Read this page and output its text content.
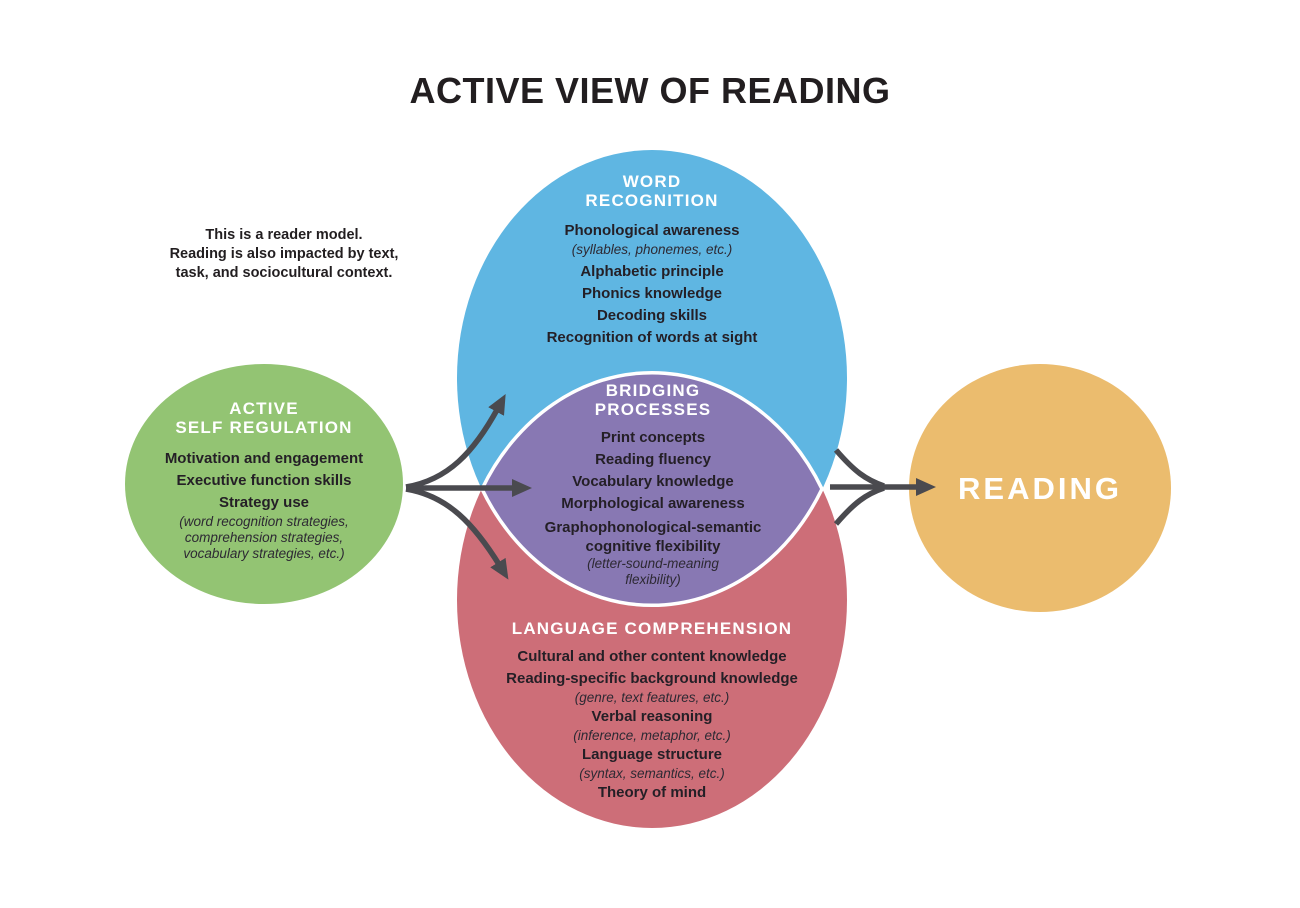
ACTIVE VIEW OF READING
This is a reader model.
Reading is also impacted by text,
task, and sociocultural context.
ACTIVE
SELF REGULATION
Motivation and engagement
Executive function skills
Strategy use
(word recognition strategies,
comprehension strategies,
vocabulary strategies, etc.)
WORD
RECOGNITION
Phonological awareness
(syllables, phonemes, etc.)
Alphabetic principle
Phonics knowledge
Decoding skills
Recognition of words at sight
BRIDGING
PROCESSES
Print concepts
Reading fluency
Vocabulary knowledge
Morphological awareness
Graphophonological-semantic
cognitive flexibility
(letter-sound-meaning
flexibility)
LANGUAGE COMPREHENSION
Cultural and other content knowledge
Reading-specific background knowledge
(genre, text features, etc.)
Verbal reasoning
(inference, metaphor, etc.)
Language structure
(syntax, semantics, etc.)
Theory of mind
READING
